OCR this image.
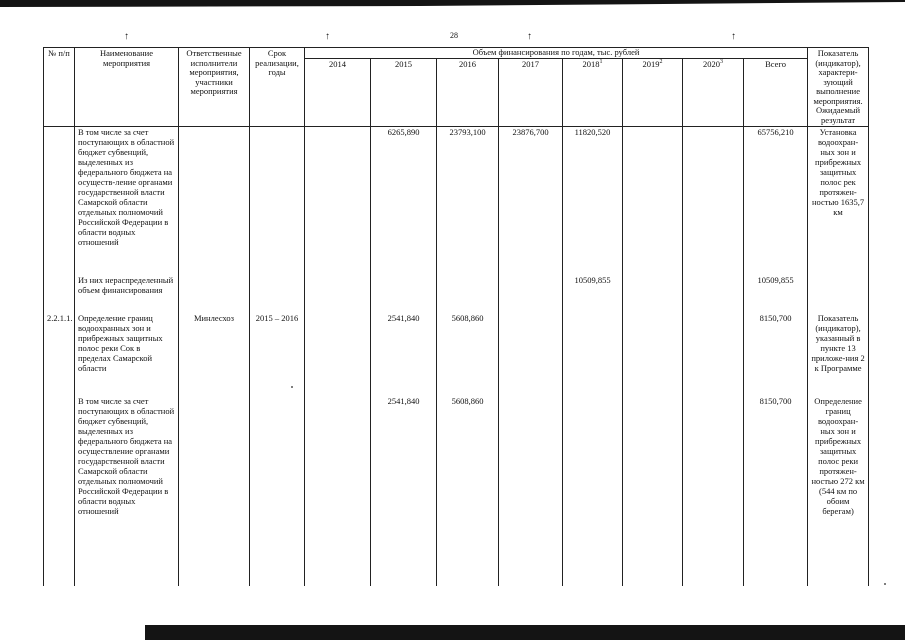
↑	↑	↑	↑
28
№ п/п	Наименование мероприятия	Ответственные исполнители мероприятия, участники мероприятия	Срок реализации, годы	Объем финансирования по годам, тыс. рублей								Показатель (индикатор), характери-зующий выполнение мероприятия. Ожидаемый результат
				2014	2015	2016	2017	2018$^1$	2019$^2$	2020$^3$	Всего	
	В том числе за счет поступающих в областной бюджет субвенций, выделенных из федерального бюджета на осуществ-ление органами государственной власти Самарской области отдельных полномочий Российской Федерации в области водных отношений				6265,890	23793,100	23876,700	11820,520			65756,210	Установка водоохран-ных зон и прибрежных защитных полос рек протяжен-ностью 1635,7 км
	Из них нераспределенный объем финансирования							10509,855			10509,855	
2.2.1.1.	Определение границ водоохранных зон и прибрежных защитных полос реки Сок в пределах Самарской области	Минлесхоз	2015 – 2016		2541,840	5608,860					8150,700	Показатель (индикатор), указанный в пункте 13 приложе-ния 2 к Программе
	В том числе за счет поступающих в областной бюджет субвенций, выделенных из федерального бюджета на осуществление органами государственной власти Самарской области отдельных полномочий Российской Федерации в области водных отношений				2541,840	5608,860					8150,700	Определение границ водоохран-ных зон и прибрежных защитных полос реки протяжен-ностью 272 км (544 км по обоим берегам)
